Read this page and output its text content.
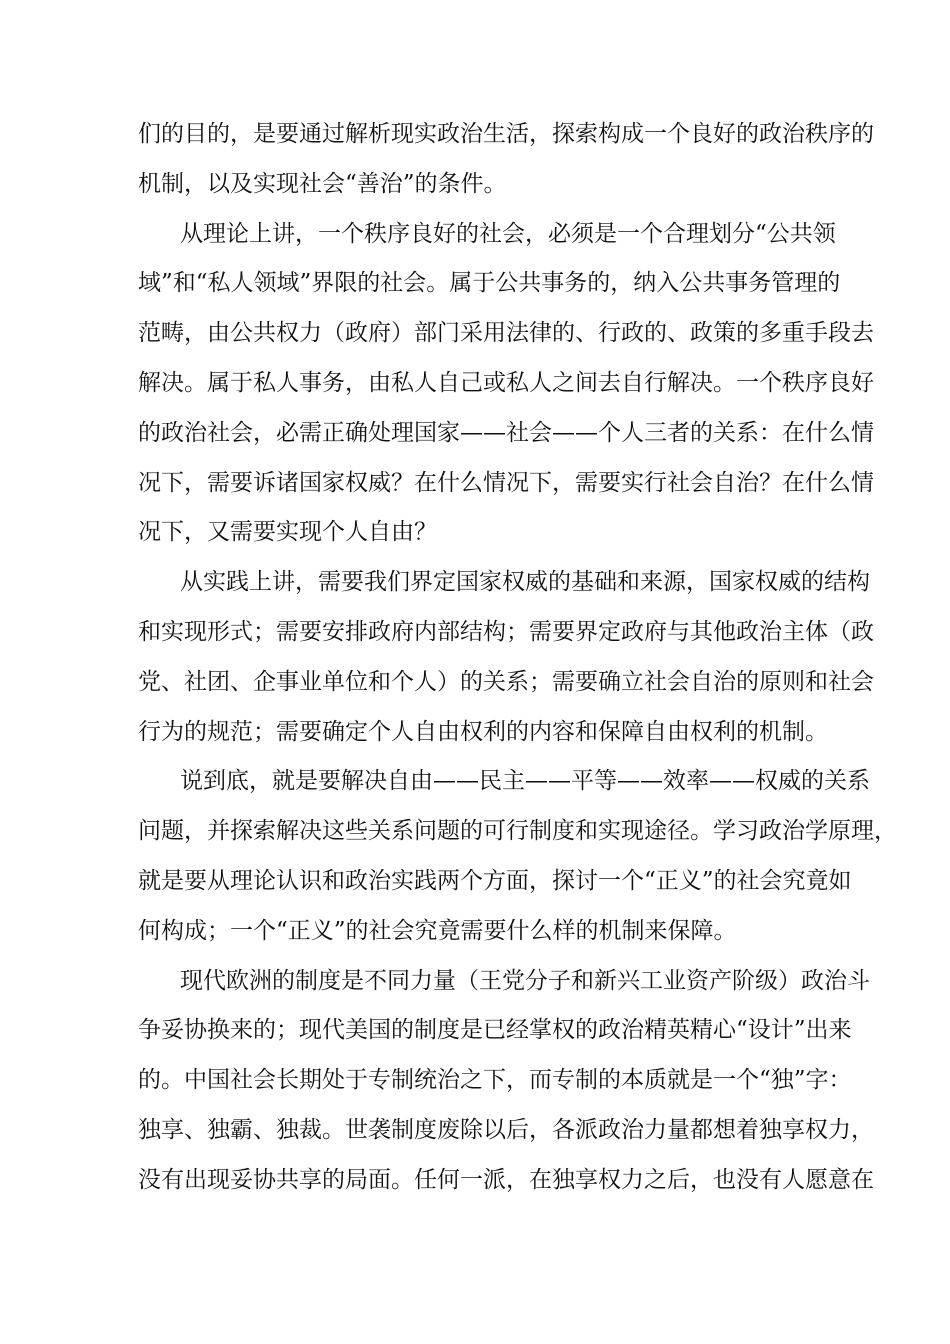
们的目的，是要通过解析现实政治生活，探索构成一个良好的政治秩序的
机制，以及实现社会“善治”的条件。
从理论上讲，一个秩序良好的社会，必须是一个合理划分“公共领
域”和“私人领域”界限的社会。属于公共事务的，纳入公共事务管理的
范畴，由公共权力（政府）部门采用法律的、行政的、政策的多重手段去
解决。属于私人事务，由私人自己或私人之间去自行解决。一个秩序良好
的政治社会，必需正确处理国家——社会——个人三者的关系：在什么情
况下，需要诉诸国家权威？在什么情况下，需要实行社会自治？在什么情
况下，又需要实现个人自由？
从实践上讲，需要我们界定国家权威的基础和来源，国家权威的结构
和实现形式；需要安排政府内部结构；需要界定政府与其他政治主体（政
党、社团、企事业单位和个人）的关系；需要确立社会自治的原则和社会
行为的规范；需要确定个人自由权利的内容和保障自由权利的机制。
说到底，就是要解决自由——民主——平等——效率——权威的关系
问题，并探索解决这些关系问题的可行制度和实现途径。学习政治学原理，
就是要从理论认识和政治实践两个方面，探讨一个“正义”的社会究竟如
何构成；一个“正义”的社会究竟需要什么样的机制来保障。
现代欧洲的制度是不同力量（王党分子和新兴工业资产阶级）政治斗
争妥协换来的；现代美国的制度是已经掌权的政治精英精心“设计”出来
的。中国社会长期处于专制统治之下，而专制的本质就是一个“独”字：
独享、独霸、独裁。世袭制度废除以后，各派政治力量都想着独享权力，
没有出现妥协共享的局面。任何一派，在独享权力之后，也没有人愿意在
